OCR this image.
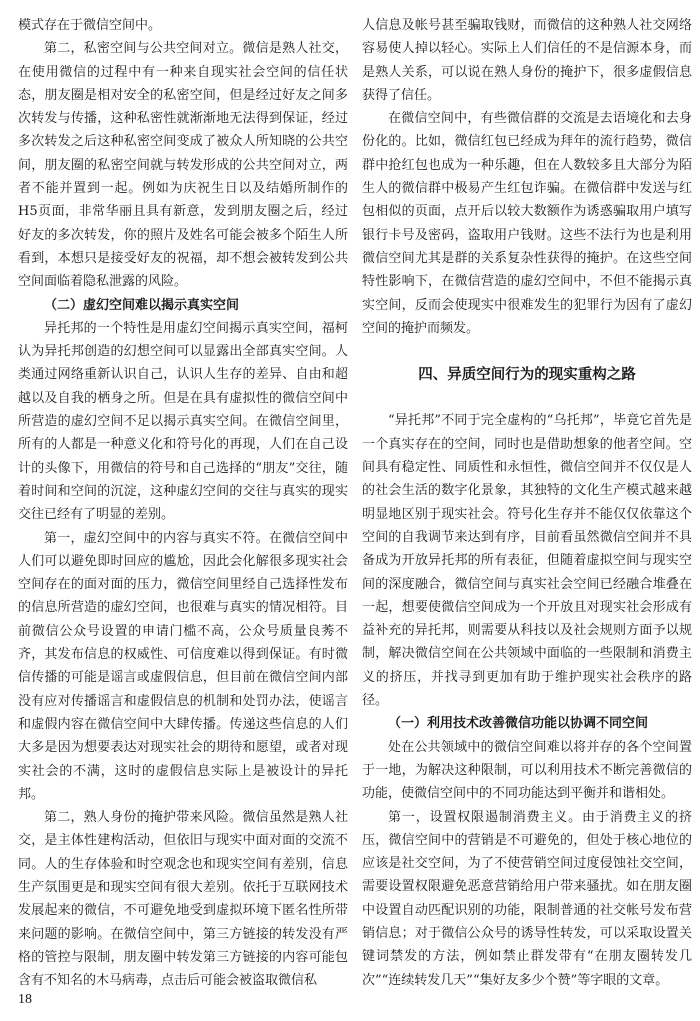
模式存在于微信空间中。

第二，私密空间与公共空间对立。微信是熟人社交，在使用微信的过程中有一种来自现实社会空间的信任状态，朋友圈是相对安全的私密空间，但是经过好友之间多次转发与传播，这种私密性就渐渐地无法得到保证，经过多次转发之后这种私密空间变成了被众人所知晓的公共空间，朋友圈的私密空间就与转发形成的公共空间对立，两者不能并置到一起。例如为庆祝生日以及结婚所制作的H5页面，非常华丽且具有新意，发到朋友圈之后，经过好友的多次转发，你的照片及姓名可能会被多个陌生人所看到，本想只是接受好友的祝福，却不想会被转发到公共空间面临着隐私泄露的风险。

（二）虚幻空间难以揭示真实空间

异托邦的一个特性是用虚幻空间揭示真实空间，福柯认为异托邦创造的幻想空间可以显露出全部真实空间。人类通过网络重新认识自己，认识人生存的差异、自由和超越以及自我的栖身之所。但是在具有虚拟性的微信空间中所营造的虚幻空间不足以揭示真实空间。在微信空间里，所有的人都是一种意义化和符号化的再现，人们在自己设计的头像下，用微信的符号和自己选择的“朋友”交往，随着时间和空间的沉淀，这种虚幻空间的交往与真实的现实交往已经有了明显的差别。

第一，虚幻空间中的内容与真实不符。在微信空间中人们可以避免即时回应的尴尬，因此会化解很多现实社会空间存在的面对面的压力，微信空间里经自己选择性发布的信息所营造的虚幻空间，也很难与真实的情况相符。目前微信公众号设置的申请门槛不高，公众号质量良莠不齐，其发布信息的权威性、可信度难以得到保证。有时微信传播的可能是谣言或虚假信息，但目前在微信空间内部没有应对传播谣言和虚假信息的机制和处罚办法，使谣言和虚假内容在微信空间中大肆传播。传递这些信息的人们大多是因为想要表达对现实社会的期待和愿望，或者对现实社会的不满，这时的虚假信息实际上是被设计的异托邦。

第二，熟人身份的掩护带来风险。微信虽然是熟人社交，是主体性建构活动，但依旧与现实中面对面的交流不同。人的生存体验和时空观念也和现实空间有差别，信息生产氛围更是和现实空间有很大差别。依托于互联网技术发展起来的微信，不可避免地受到虚拟环境下匿名性所带来问题的影响。在微信空间中，第三方链接的转发没有严格的管控与限制，朋友圈中转发第三方链接的内容可能包含有不知名的木马病毒，点击后可能会被盗取微信私

人信息及帐号甚至骗取钱财，而微信的这种熟人社交网络容易使人掉以轻心。实际上人们信任的不是信源本身，而是熟人关系，可以说在熟人身份的掩护下，很多虚假信息获得了信任。

在微信空间中，有些微信群的交流是去语境化和去身份化的。比如，微信红包已经成为拜年的流行趋势，微信群中抢红包也成为一种乐趣，但在人数较多且大部分为陌生人的微信群中极易产生红包诈骗。在微信群中发送与红包相似的页面，点开后以较大数额作为诱惑骗取用户填写银行卡号及密码，盗取用户钱财。这些不法行为也是利用微信空间尤其是群的关系复杂性获得的掩护。在这些空间特性影响下，在微信营造的虚幻空间中，不但不能揭示真实空间，反而会使现实中很难发生的犯罪行为因有了虚幻空间的掩护而频发。

四、异质空间行为的现实重构之路

“异托邦”不同于完全虚构的“乌托邦”，毕竟它首先是一个真实存在的空间，同时也是借助想象的他者空间。空间具有稳定性、同质性和永恒性，微信空间并不仅仅是人的社会生活的数字化景象，其独特的文化生产模式越来越明显地区别于现实社会。符号化生存并不能仅仅依靠这个空间的自我调节来达到有序，目前看虽然微信空间并不具备成为开放异托邦的所有表征，但随着虚拟空间与现实空间的深度融合，微信空间与真实社会空间已经融合堆叠在一起，想要使微信空间成为一个开放且对现实社会形成有益补充的异托邦，则需要从科技以及社会规则方面予以规制，解决微信空间在公共领域中面临的一些限制和消费主义的挤压，并找寻到更加有助于维护现实社会秩序的路径。

（一）利用技术改善微信功能以协调不同空间

处在公共领域中的微信空间难以将并存的各个空间置于一地，为解决这种限制，可以利用技术不断完善微信的功能，使微信空间中的不同功能达到平衡并和谐相处。

第一，设置权限遏制消费主义。由于消费主义的挤压，微信空间中的营销是不可避免的，但处于核心地位的应该是社交空间，为了不使营销空间过度侵蚀社交空间，需要设置权限避免恶意营销给用户带来骚扰。如在朋友圈中设置自动匹配识别的功能，限制普通的社交帐号发布营销信息；对于微信公众号的诱导性转发，可以采取设置关键词禁发的方法，例如禁止群发带有“在朋友圈转发几次”“连续转发几天”“集好友多少个赞”等字眼的文章。

18
